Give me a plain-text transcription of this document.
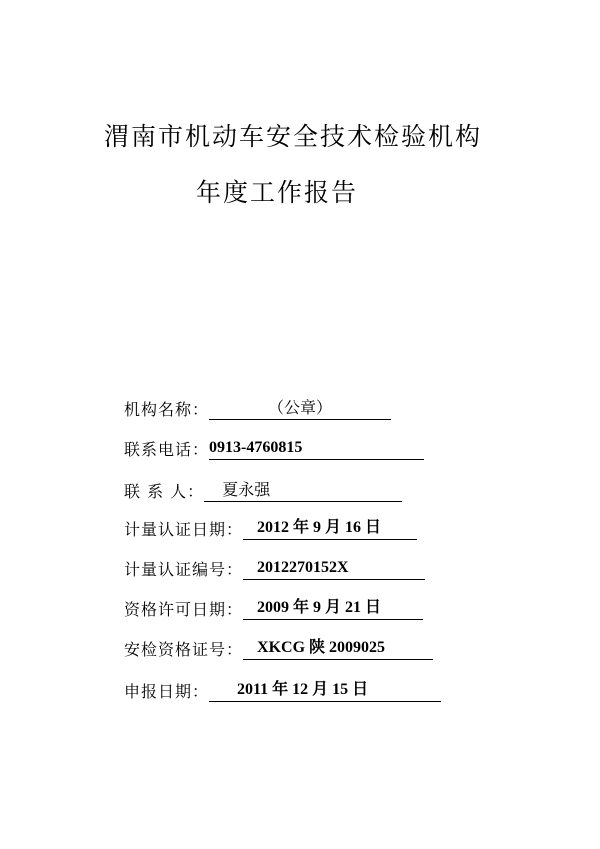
渭南市机动车安全技术检验机构
年度工作报告
机构名称：	（公章）
联系电话： 0913-4760815
联 系 人：	夏永强
计量认证日期： 2012 年 9 月 16 日
计量认证编号： 2012270152X
资格许可日期： 2009 年 9 月 21 日
安检资格证号： XKCG 陕 2009025
申报日期：	2011 年 12 月 15 日
